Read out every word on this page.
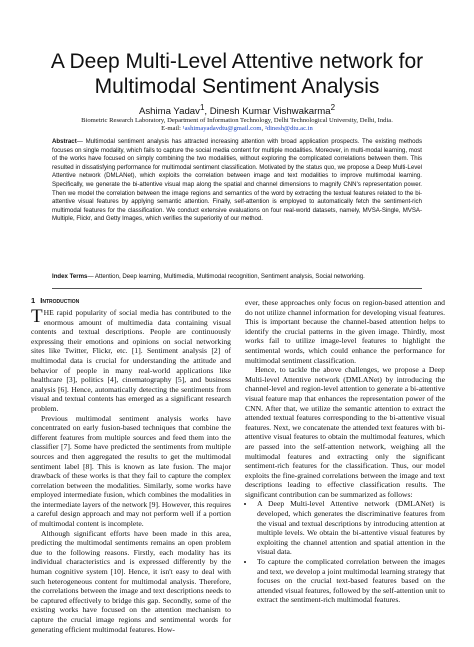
A Deep Multi-Level Attentive network for
Multimodal Sentiment Analysis
Ashima Yadav$^1$, Dinesh Kumar Vishwakarma$^2$
Biometric Research Laboratory, Department of Information Technology, Delhi Technological University, Delhi, India.
E-mail: ¹ashimayadavdtu@gmail.com, ²dinesh@dtu.ac.in
Abstract— Multimodal sentiment analysis has attracted increasing attention with broad application prospects. The existing methods focuses on single modality, which fails to capture the social media content for multiple modalities. Moreover, in multi-modal learning, most of the works have focused on simply combining the two modalities, without exploring the complicated correlations between them. This resulted in dissatisfying performance for multimodal sentiment classification. Motivated by the status quo, we propose a Deep Multi-Level Attentive network (DMLANet), which exploits the correlation between image and text modalities to improve multimodal learning. Specifically, we generate the bi-attentive visual map along the spatial and channel dimensions to magnify CNN's representation power. Then we model the correlation between the image regions and semantics of the word by extracting the textual features related to the bi-attentive visual features by applying semantic attention. Finally, self-attention is employed to automatically fetch the sentiment-rich multimodal features for the classification. We conduct extensive evaluations on four real-world datasets, namely, MVSA-Single, MVSA-Multiple, Flickr, and Getty Images, which verifies the superiority of our method.
Index Terms— Attention, Deep learning, Multimedia, Multimodal recognition, Sentiment analysis, Social networking.
1 Introduction

THE rapid popularity of social media has contributed to the enormous amount of multimedia data containing visual contents and textual descriptions. People are continuously expressing their emotions and opinions on social networking sites like Twitter, Flickr, etc. [1]. Sentiment analysis [2] of multimodal data is crucial for understanding the attitude and behavior of people in many real-world applications like healthcare [3], politics [4], cinematography [5], and business analysis [6]. Hence, automatically detecting the sentiments from visual and textual contents has emerged as a significant research problem.

Previous multimodal sentiment analysis works have concentrated on early fusion-based techniques that combine the different features from multiple sources and feed them into the classifier [7]. Some have predicted the sentiments from multiple sources and then aggregated the results to get the multimodal sentiment label [8]. This is known as late fusion. The major drawback of these works is that they fail to capture the complex correlation between the modalities. Similarly, some works have employed intermediate fusion, which combines the modalities in the intermediate layers of the network [9]. However, this requires a careful design approach and may not perform well if a portion of multimodal content is incomplete.

Although significant efforts have been made in this area, predicting the multimodal sentiments remains an open problem due to the following reasons. Firstly, each modality has its individual characteristics and is expressed differently by the human cognitive system [10]. Hence, it isn't easy to deal with such heterogeneous content for multimodal analysis. Therefore, the correlations between the image and text descriptions needs to be captured effectively to bridge this gap. Secondly, some of the existing works have focused on the attention mechanism to capture the crucial image regions and sentimental words for generating efficient multimodal features. How-

ever, these approaches only focus on region-based attention and do not utilize channel information for developing visual features. This is important because the channel-based attention helps to identify the crucial patterns in the given image. Thirdly, most works fail to utilize image-level features to highlight the sentimental words, which could enhance the performance for multimodal sentiment classification.

Hence, to tackle the above challenges, we propose a Deep Multi-level Attentive network (DMLANet) by introducing the channel-level and region-level attention to generate a bi-attentive visual feature map that enhances the representation power of the CNN. After that, we utilize the semantic attention to extract the attended textual features corresponding to the bi-attentive visual features. Next, we concatenate the attended text features with bi-attentive visual features to obtain the multimodal features, which are passed into the self-attention network, weighing all the multimodal features and extracting only the significant sentiment-rich features for the classification. Thus, our model exploits the fine-grained correlations between the image and text descriptions leading to effective classification results. The significant contribution can be summarized as follows:

• A Deep Multi-level Attentive network (DMLANet) is developed, which generates the discriminative features from the visual and textual descriptions by introducing attention at multiple levels. We obtain the bi-attentive visual features by exploiting the channel attention and spatial attention in the visual data.
• To capture the complicated correlation between the images and text, we develop a joint multimodal learning strategy that focuses on the crucial text-based features based on the attended visual features, followed by the self-attention unit to extract the sentiment-rich multimodal features.
